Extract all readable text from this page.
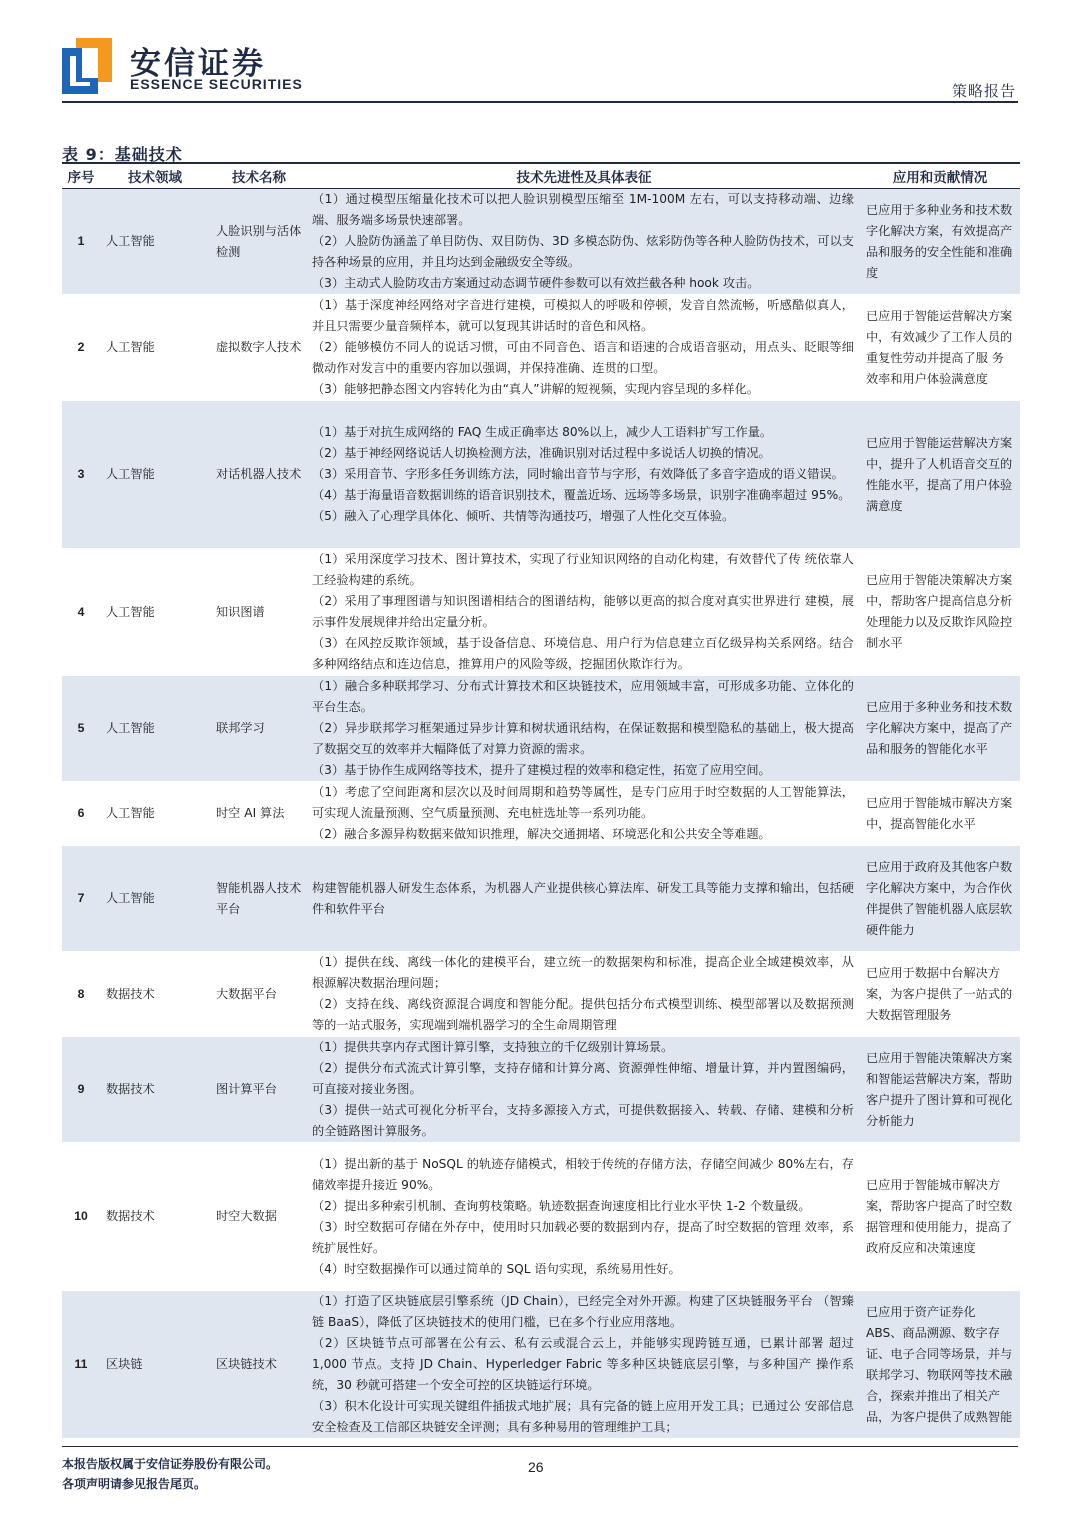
安信证券
ESSENCE SECURITIES	策略报告
表 9：基础技术
序号	技术领域	技术名称	技术先进性及具体表征	应用和贡献情况
1	人工智能	人脸识别与活体检测	（1）通过模型压缩量化技术可以把人脸识别模型压缩至 1M-100M 左右，可以支持移动端、边缘端、服务端多场景快速部署。
（2）人脸防伪涵盖了单目防伪、双目防伪、3D 多模态防伪、炫彩防伪等各种人脸防伪技术，可以支持各种场景的应用，并且均达到金融级安全等级。
（3）主动式人脸防攻击方案通过动态调节硬件参数可以有效拦截各种 hook 攻击。	已应用于多种业务和技术数字化解决方案，有效提高产品和服务的安全性能和准确度
2	人工智能	虚拟数字人技术	（1）基于深度神经网络对字音进行建模，可模拟人的呼吸和停顿，发音自然流畅，听感酷似真人，并且只需要少量音频样本，就可以复现其讲话时的音色和风格。
（2）能够模仿不同人的说话习惯，可由不同音色、语言和语速的合成语音驱动，用点头、眨眼等细微动作对发言中的重要内容加以强调，并保持准确、连贯的口型。
（3）能够把静态图文内容转化为由“真人”讲解的短视频，实现内容呈现的多样化。	已应用于智能运营解决方案中，有效减少了工作人员的重复性劳动并提高了服 务效率和用户体验满意度
3	人工智能	对话机器人技术	（1）基于对抗生成网络的 FAQ 生成正确率达 80%以上，减少人工语料扩写工作量。
（2）基于神经网络说话人切换检测方法，准确识别对话过程中多说话人切换的情况。
（3）采用音节、字形多任务训练方法，同时输出音节与字形，有效降低了多音字造成的语义错误。
（4）基于海量语音数据训练的语音识别技术，覆盖近场、远场等多场景，识别字准确率超过 95%。
（5）融入了心理学具体化、倾听、共情等沟通技巧，增强了人性化交互体验。	已应用于智能运营解决方案中，提升了人机语音交互的性能水平，提高了用户体验满意度
4	人工智能	知识图谱	（1）采用深度学习技术、图计算技术，实现了行业知识网络的自动化构建，有效替代了传 统依靠人工经验构建的系统。
（2）采用了事理图谱与知识图谱相结合的图谱结构，能够以更高的拟合度对真实世界进行 建模，展示事件发展规律并给出定量分析。
（3）在风控反欺诈领域，基于设备信息、环境信息、用户行为信息建立百亿级异构关系网络。结合多种网络结点和连边信息，推算用户的风险等级，挖掘团伙欺诈行为。	已应用于智能决策解决方案中，帮助客户提高信息分析处理能力以及反欺诈风险控制水平
5	人工智能	联邦学习	（1）融合多种联邦学习、分布式计算技术和区块链技术，应用领域丰富，可形成多功能、立体化的平台生态。
（2）异步联邦学习框架通过异步计算和树状通讯结构，在保证数据和模型隐私的基础上，极大提高了数据交互的效率并大幅降低了对算力资源的需求。
（3）基于协作生成网络等技术，提升了建模过程的效率和稳定性，拓宽了应用空间。	已应用于多种业务和技术数字化解决方案中，提高了产品和服务的智能化水平
6	人工智能	时空 AI 算法	（1）考虑了空间距离和层次以及时间周期和趋势等属性，是专门应用于时空数据的人工智能算法，可实现人流量预测、空气质量预测、充电桩选址等一系列功能。
（2）融合多源异构数据来做知识推理，解决交通拥堵、环境恶化和公共安全等难题。	已应用于智能城市解决方案中，提高智能化水平
7	人工智能	智能机器人技术平台	构建智能机器人研发生态体系，为机器人产业提供核心算法库、研发工具等能力支撑和输出，包括硬件和软件平台	已应用于政府及其他客户数字化解决方案中，为合作伙伴提供了智能机器人底层软硬件能力
8	数据技术	大数据平台	（1）提供在线、离线一体化的建模平台，建立统一的数据架构和标准，提高企业全域建模效率，从根源解决数据治理问题；
（2）支持在线、离线资源混合调度和智能分配。提供包括分布式模型训练、模型部署以及数据预测等的一站式服务，实现端到端机器学习的全生命周期管理	已应用于数据中台解决方案，为客户提供了一站式的大数据管理服务
9	数据技术	图计算平台	（1）提供共享内存式图计算引擎，支持独立的千亿级别计算场景。
（2）提供分布式流式计算引擎，支持存储和计算分离、资源弹性伸缩、增量计算，并内置图编码，可直接对接业务图。
（3）提供一站式可视化分析平台，支持多源接入方式，可提供数据接入、转载、存储、建模和分析的全链路图计算服务。	已应用于智能决策解决方案和智能运营解决方案，帮助客户提升了图计算和可视化分析能力
10	数据技术	时空大数据	（1）提出新的基于 NoSQL 的轨迹存储模式，相较于传统的存储方法，存储空间减少 80%左右，存储效率提升接近 90%。
（2）提出多种索引机制、查询剪枝策略。轨迹数据查询速度相比行业水平快 1-2 个数量级。
（3）时空数据可存储在外存中，使用时只加载必要的数据到内存，提高了时空数据的管理 效率，系统扩展性好。
（4）时空数据操作可以通过简单的 SQL 语句实现，系统易用性好。	已应用于智能城市解决方案，帮助客户提高了时空数据管理和使用能力，提高了政府反应和决策速度
11	区块链	区块链技术	（1）打造了区块链底层引擎系统（JD Chain），已经完全对外开源。构建了区块链服务平台 （智臻链 BaaS），降低了区块链技术的使用门槛，已在多个行业应用落地。
（2）区块链节点可部署在公有云、私有云或混合云上，并能够实现跨链互通，已累计部署 超过 1,000 节点。支持 JD Chain、Hyperledger Fabric 等多种区块链底层引擎，与多种国产 操作系统，30 秒就可搭建一个安全可控的区块链运行环境。
（3）积木化设计可实现关键组件插拔式地扩展；具有完备的链上应用开发工具；已通过公 安部信息安全检查及工信部区块链安全评测；具有多种易用的管理维护工具；	已应用于资产证券化 ABS、商品溯源、数字存证、电子合同等场景，并与联邦学习、物联网等技术融合，探索并推出了相关产品，为客户提供了成熟智能
本报告版权属于安信证券股份有限公司。
各项声明请参见报告尾页。
26
